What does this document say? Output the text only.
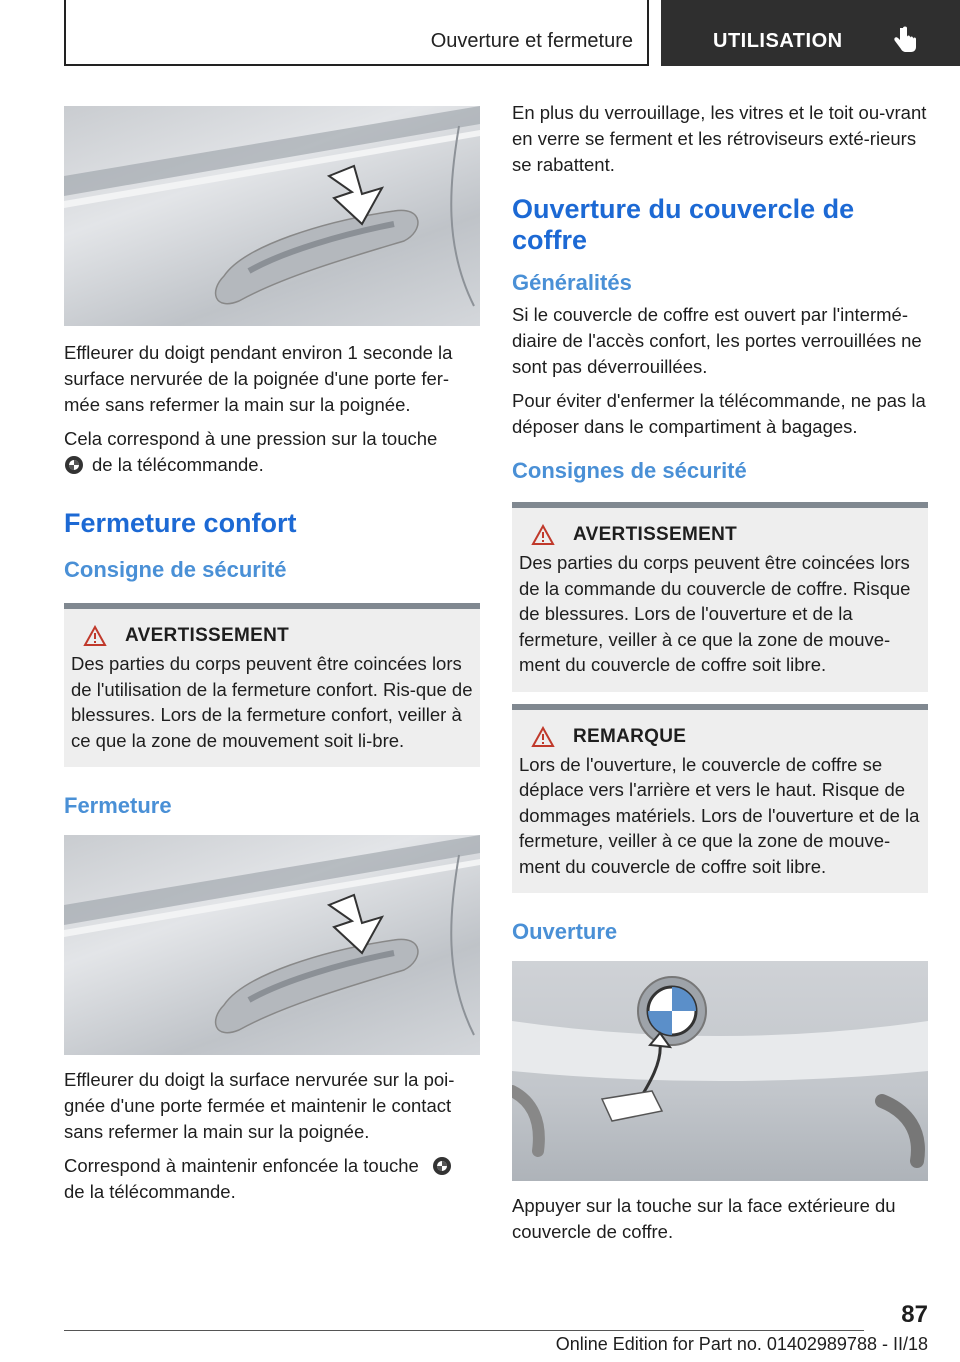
Ouverture et fermeture	UTILISATION

Effleurer du doigt pendant environ 1 seconde la surface nervurée de la poignée d'une porte fer-mée sans refermer la main sur la poignée.

Cela correspond à une pression sur la touche
de la télécommande.

Fermeture confort
Consigne de sécurité
AVERTISSEMENT

Des parties du corps peuvent être coincées lors de l'utilisation de la fermeture confort. Ris-que de blessures. Lors de la fermeture confort, veiller à ce que la zone de mouvement soit li-bre.

Fermeture

Effleurer du doigt la surface nervurée sur la poi-gnée d'une porte fermée et maintenir le contact sans refermer la main sur la poignée.

Correspond à maintenir enfoncée la touche
de la télécommande.

En plus du verrouillage, les vitres et le toit ou-vrant en verre se ferment et les rétroviseurs exté-rieurs se rabattent.

Ouverture du couvercle de coffre
Généralités

Si le couvercle de coffre est ouvert par l'intermé-diaire de l'accès confort, les portes verrouillées ne sont pas déverrouillées.

Pour éviter d'enfermer la télécommande, ne pas la déposer dans le compartiment à bagages.

Consignes de sécurité
AVERTISSEMENT

Des parties du corps peuvent être coincées lors de la commande du couvercle de coffre. Risque de blessures. Lors de l'ouverture et de la fermeture, veiller à ce que la zone de mouve-ment du couvercle de coffre soit libre.

REMARQUE

Lors de l'ouverture, le couvercle de coffre se déplace vers l'arrière et vers le haut. Risque de dommages matériels. Lors de l'ouverture et de la fermeture, veiller à ce que la zone de mouve-ment du couvercle de coffre soit libre.

Ouverture

Appuyer sur la touche sur la face extérieure du couvercle de coffre.

87
Online Edition for Part no. 01402989788 - II/18
